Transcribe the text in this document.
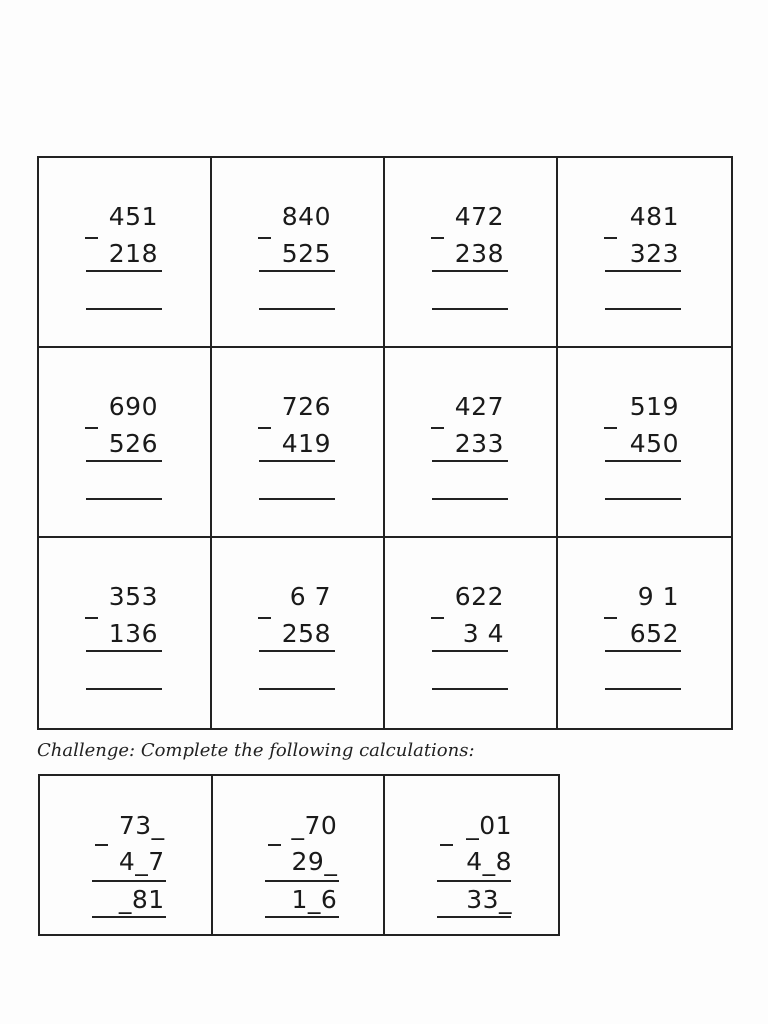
451
218
840
525
472
238
481
323
690
526
726
419
427
233
519
450
353
136
6 7
258
622
3 4
9 1
652
Challenge: Complete the following calculations:
73_
4_7
_81
_70
29_
1_6
_01
4_8
33_
